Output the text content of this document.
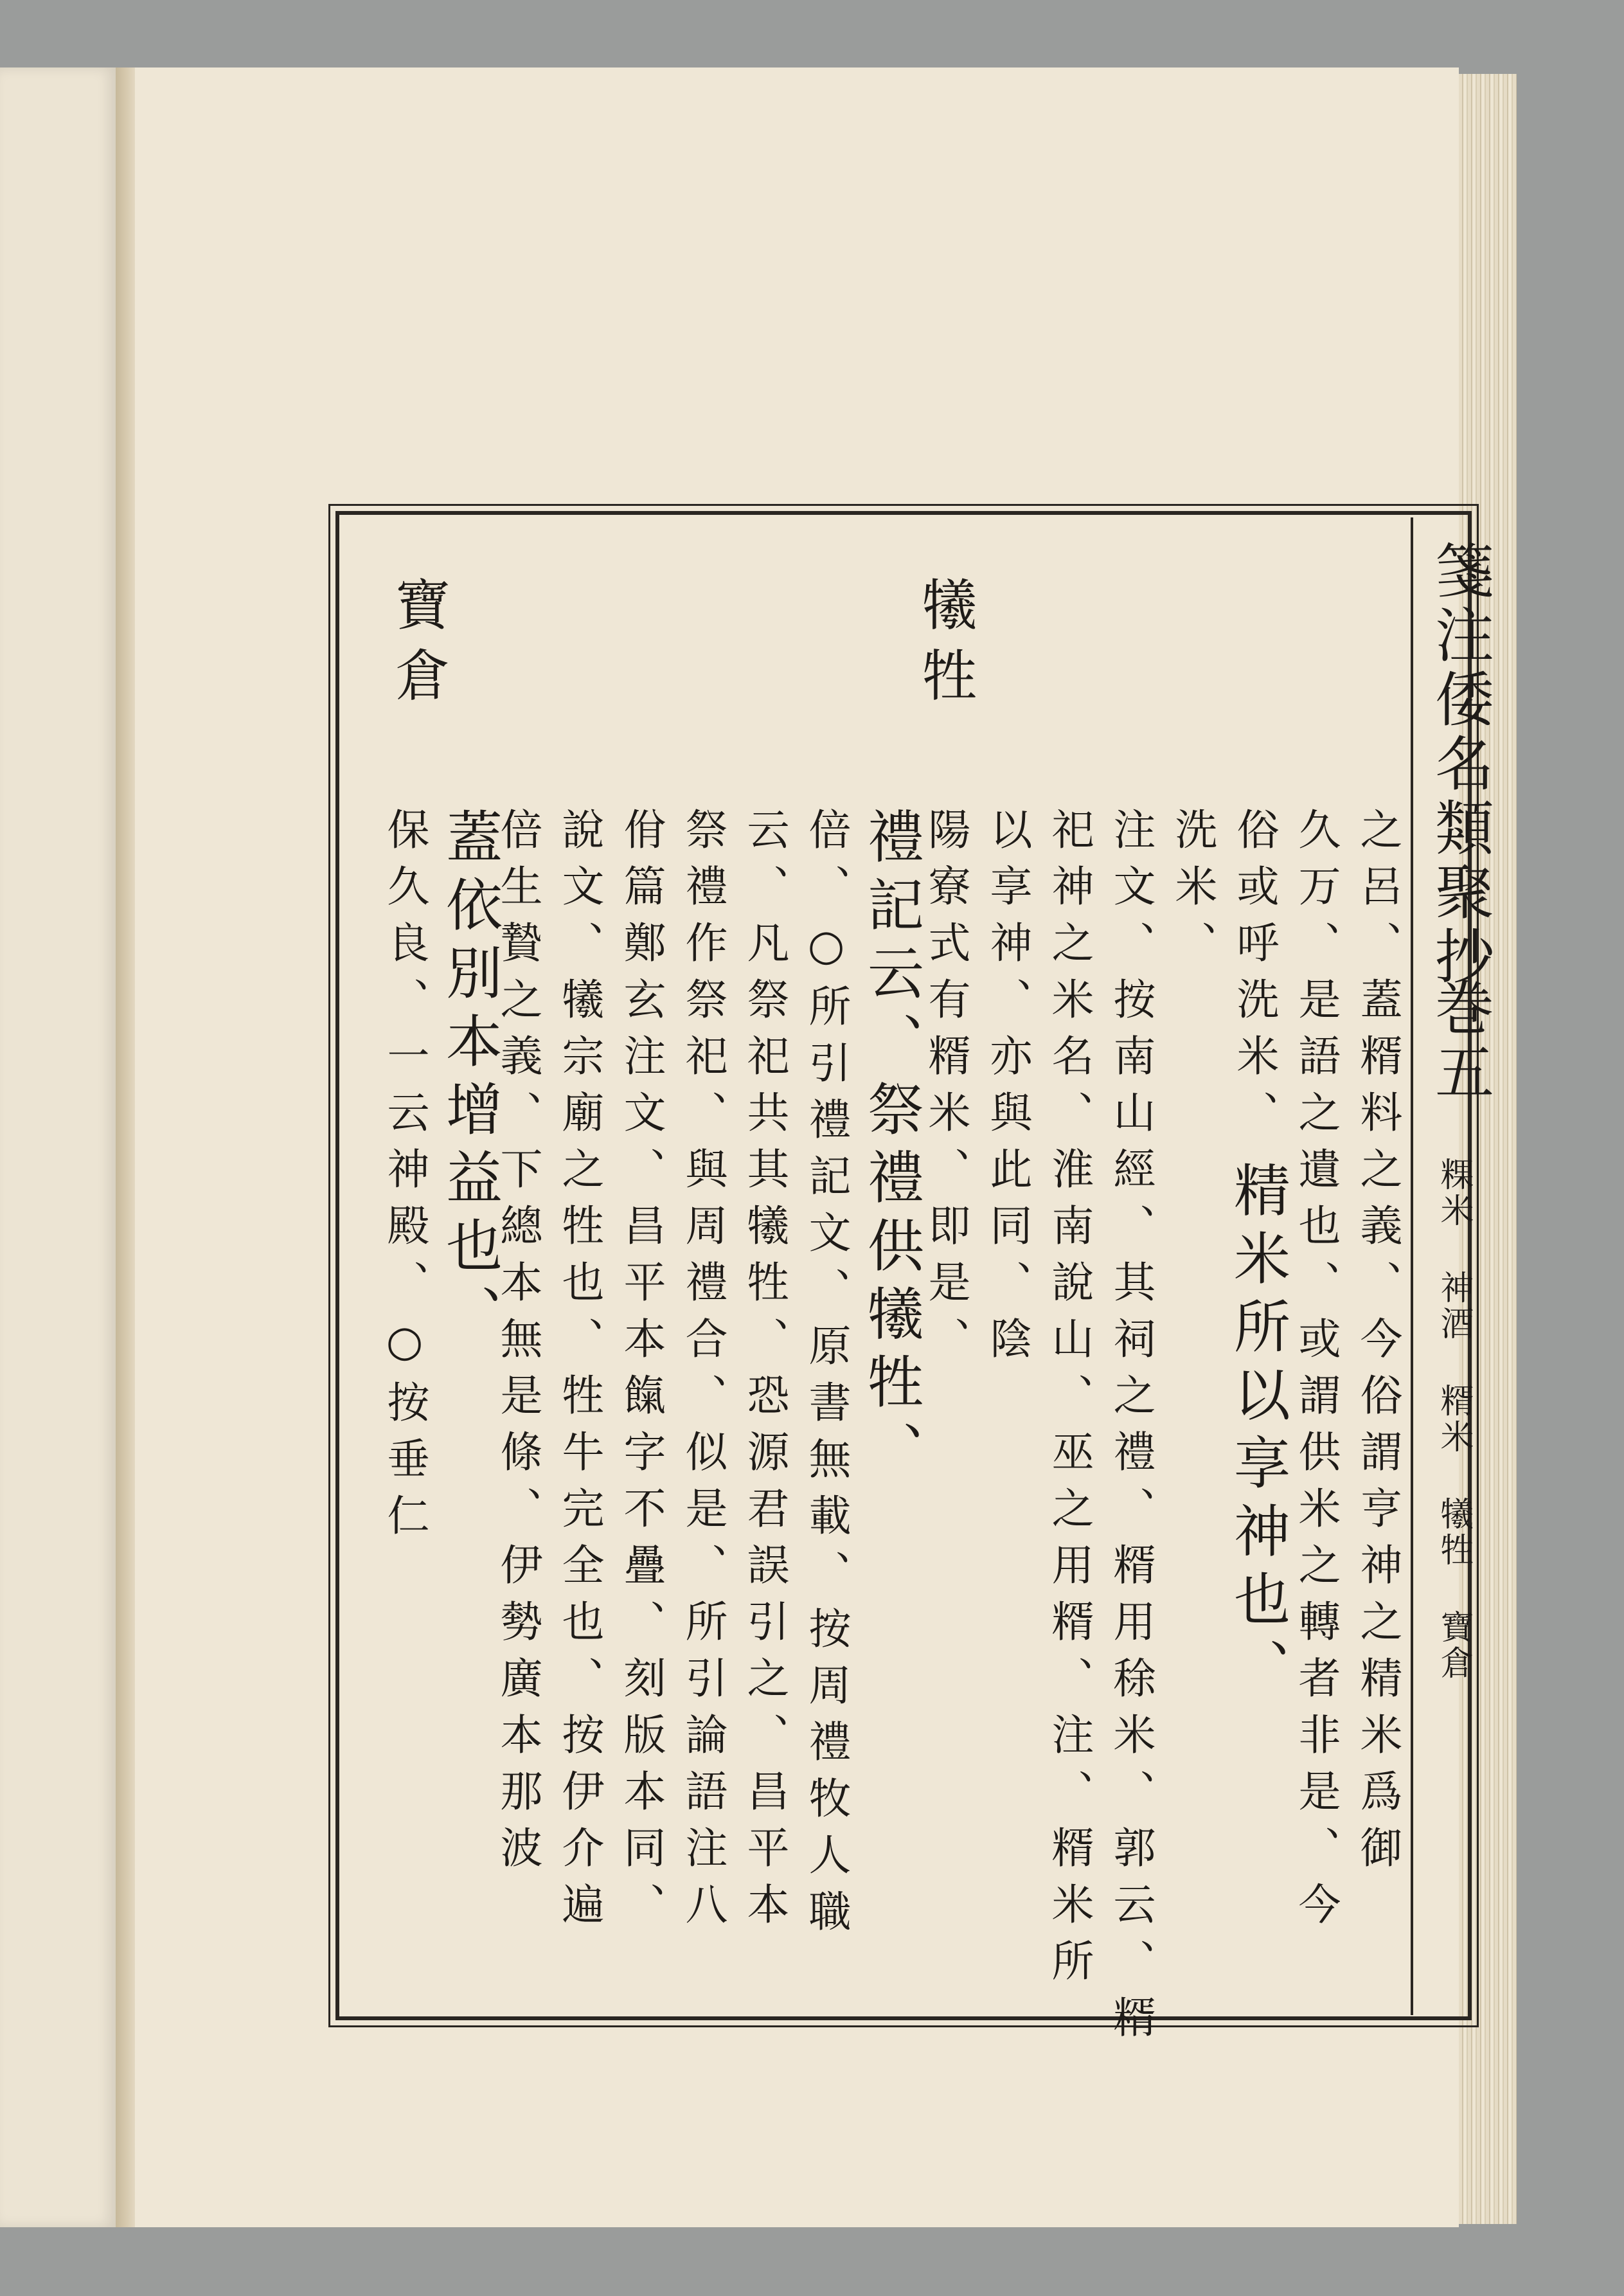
犧牲
寶倉
之呂、蓋糈料之義、今俗謂亨神之精米爲御
久万、是語之遺也、或謂供米之轉者非是、今
俗或呼洗米、
精米所以享神也、
洗米、
注文、按南山經、其祠之禮、糈用稌米、郭云、糈
祀神之米名、淮南說山、巫之用糈、注、糈米所
以享神、亦與此同、陰
陽寮式有糈米、即是、
禮記云、祭禮供犧牲、
倍、○所引禮記文、原書無載、按周禮牧人職
云、凡祭祀共其犧牲、恐源君誤引之、昌平本
祭禮作祭祀、與周禮合、似是、所引論語注八
佾篇鄭玄注文、昌平本餼字不疊、刻版本同、
說文、犧宗廟之牲也、牲牛完全也、按伊介遍
倍生贄之義、下總本無是條、伊勢廣本那波
蓋依別本增益也、
保久良、一云神殿、○按垂仁
箋注倭名類聚抄
巻五
粿米 神酒 糈米 犧牲 寶倉
